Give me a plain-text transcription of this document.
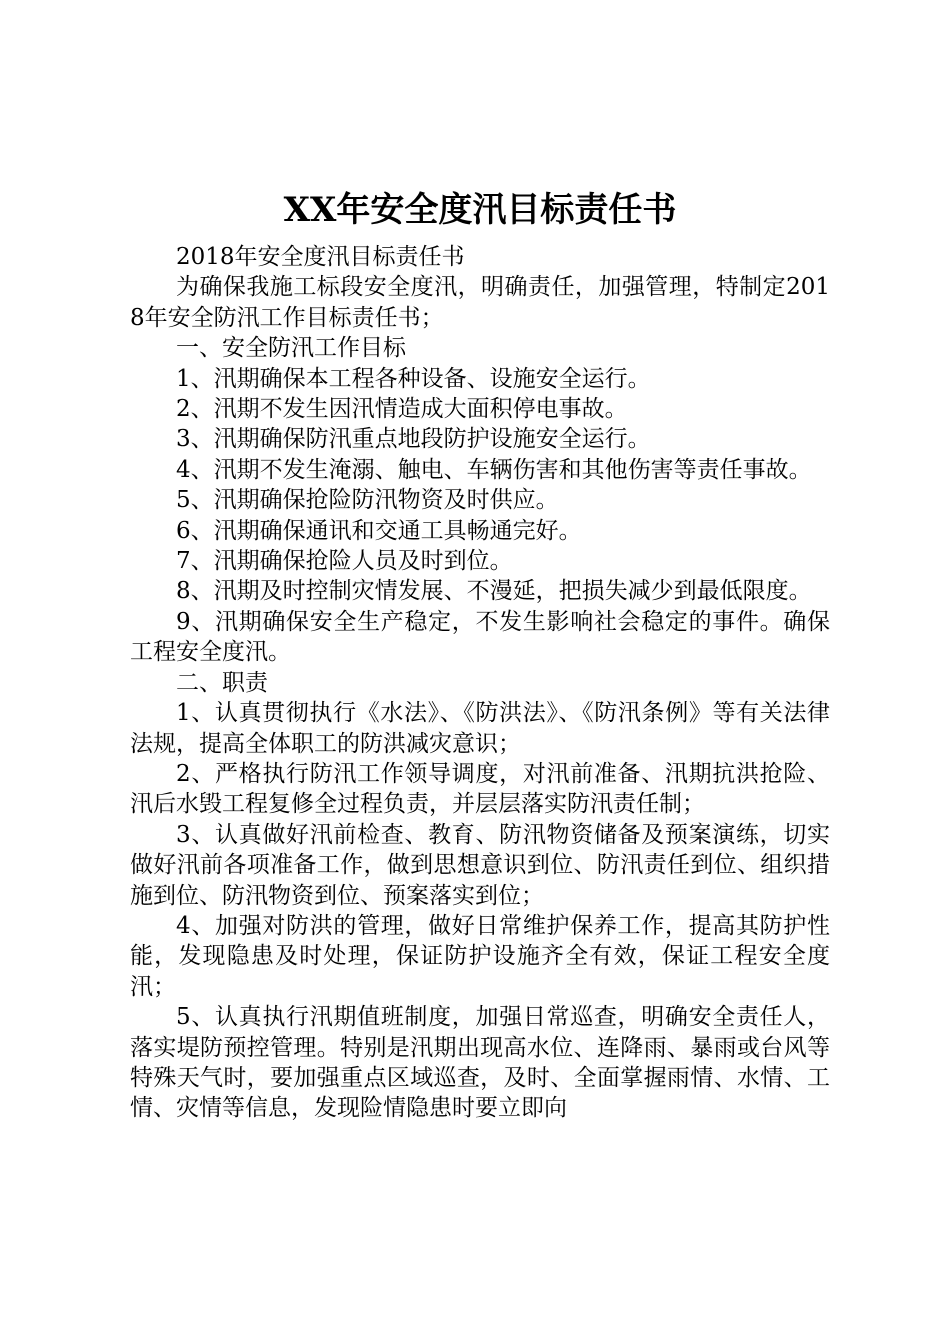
XX年安全度汛目标责任书

2018年安全度汛目标责任书

为确保我施工标段安全度汛，明确责任，加强管理，特制定2018年安全防汛工作目标责任书；

一、安全防汛工作目标

1、汛期确保本工程各种设备、设施安全运行。

2、汛期不发生因汛情造成大面积停电事故。

3、汛期确保防汛重点地段防护设施安全运行。

4、汛期不发生淹溺、触电、车辆伤害和其他伤害等责任事故。

5、汛期确保抢险防汛物资及时供应。

6、汛期确保通讯和交通工具畅通完好。

7、汛期确保抢险人员及时到位。

8、汛期及时控制灾情发展、不漫延，把损失减少到最低限度。

9、汛期确保安全生产稳定，不发生影响社会稳定的事件。确保工程安全度汛。

二、职责

1、认真贯彻执行《水法》、《防洪法》、《防汛条例》等有关法律法规，提高全体职工的防洪减灾意识；

2、严格执行防汛工作领导调度，对汛前准备、汛期抗洪抢险、汛后水毁工程复修全过程负责，并层层落实防汛责任制；

3、认真做好汛前检查、教育、防汛物资储备及预案演练，切实做好汛前各项准备工作，做到思想意识到位、防汛责任到位、组织措施到位、防汛物资到位、预案落实到位；

4、加强对防洪的管理，做好日常维护保养工作，提高其防护性能，发现隐患及时处理，保证防护设施齐全有效，保证工程安全度汛；

5、认真执行汛期值班制度，加强日常巡查，明确安全责任人，落实堤防预控管理。特别是汛期出现高水位、连降雨、暴雨或台风等特殊天气时，要加强重点区域巡查，及时、全面掌握雨情、水情、工情、灾情等信息，发现险情隐患时要立即向
